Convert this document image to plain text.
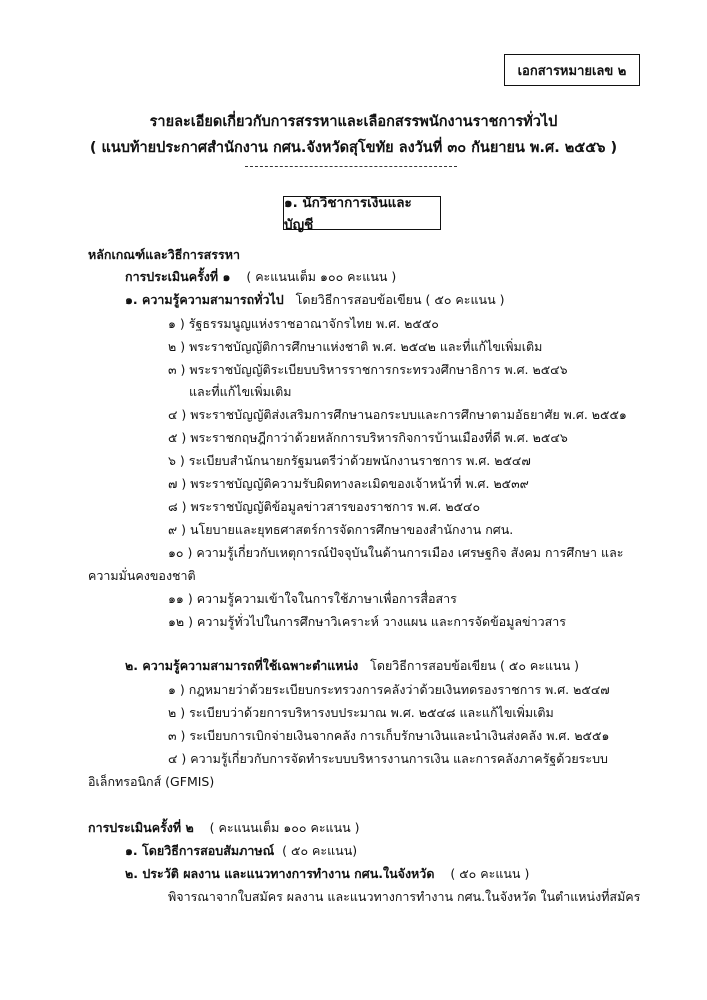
เอกสารหมายเลข ๒
รายละเอียดเกี่ยวกับการสรรหาและเลือกสรรพนักงานราชการทั่วไป
( แนบท้ายประกาศสำนักงาน กศน.จังหวัดสุโขทัย ลงวันที่ ๓๐ กันยายน พ.ศ. ๒๕๕๖ )
๑. นักวิชาการเงินและบัญชี
หลักเกณฑ์และวิธีการสรรหา
การประเมินครั้งที่ ๑ ( คะแนนเต็ม ๑๐๐ คะแนน )
๑. ความรู้ความสามารถทั่วไป โดยวิธีการสอบข้อเขียน ( ๕๐ คะแนน )
๑ ) รัฐธรรมนูญแห่งราชอาณาจักรไทย พ.ศ. ๒๕๕๐
๒ ) พระราชบัญญัติการศึกษาแห่งชาติ พ.ศ. ๒๕๔๒ และที่แก้ไขเพิ่มเติม
๓ ) พระราชบัญญัติระเบียบบริหารราชการกระทรวงศึกษาธิการ พ.ศ. ๒๕๔๖
และที่แก้ไขเพิ่มเติม
๔ ) พระราชบัญญัติส่งเสริมการศึกษานอกระบบและการศึกษาตามอัธยาศัย พ.ศ. ๒๕๕๑
๕ ) พระราชกฤษฎีกาว่าด้วยหลักการบริหารกิจการบ้านเมืองที่ดี พ.ศ. ๒๕๔๖
๖ ) ระเบียบสำนักนายกรัฐมนตรีว่าด้วยพนักงานราชการ พ.ศ. ๒๕๔๗
๗ ) พระราชบัญญัติความรับผิดทางละเมิดของเจ้าหน้าที่ พ.ศ. ๒๕๓๙
๘ ) พระราชบัญญัติข้อมูลข่าวสารของราชการ พ.ศ. ๒๕๔๐
๙ ) นโยบายและยุทธศาสตร์การจัดการศึกษาของสำนักงาน กศน.
๑๐ ) ความรู้เกี่ยวกับเหตุการณ์ปัจจุบันในด้านการเมือง เศรษฐกิจ สังคม การศึกษา และ
ความมั่นคงของชาติ
๑๑ ) ความรู้ความเข้าใจในการใช้ภาษาเพื่อการสื่อสาร
๑๒ ) ความรู้ทั่วไปในการศึกษาวิเคราะห์ วางแผน และการจัดข้อมูลข่าวสาร
๒. ความรู้ความสามารถที่ใช้เฉพาะตำแหน่ง โดยวิธีการสอบข้อเขียน ( ๕๐ คะแนน )
๑ ) กฎหมายว่าด้วยระเบียบกระทรวงการคลังว่าด้วยเงินทดรองราชการ พ.ศ. ๒๕๔๗
๒ ) ระเบียบว่าด้วยการบริหารงบประมาณ พ.ศ. ๒๕๔๘ และแก้ไขเพิ่มเติม
๓ ) ระเบียบการเบิกจ่ายเงินจากคลัง การเก็บรักษาเงินและนำเงินส่งคลัง พ.ศ. ๒๕๕๑
๔ ) ความรู้เกี่ยวกับการจัดทำระบบบริหารงานการเงิน และการคลังภาครัฐด้วยระบบ
อิเล็กทรอนิกส์ (GFMIS)
การประเมินครั้งที่ ๒ ( คะแนนเต็ม ๑๐๐ คะแนน )
๑. โดยวิธีการสอบสัมภาษณ์ ( ๕๐ คะแนน)
๒. ประวัติ ผลงาน และแนวทางการทำงาน กศน.ในจังหวัด ( ๕๐ คะแนน )
พิจารณาจากใบสมัคร ผลงาน และแนวทางการทำงาน กศน.ในจังหวัด ในตำแหน่งที่สมัคร
